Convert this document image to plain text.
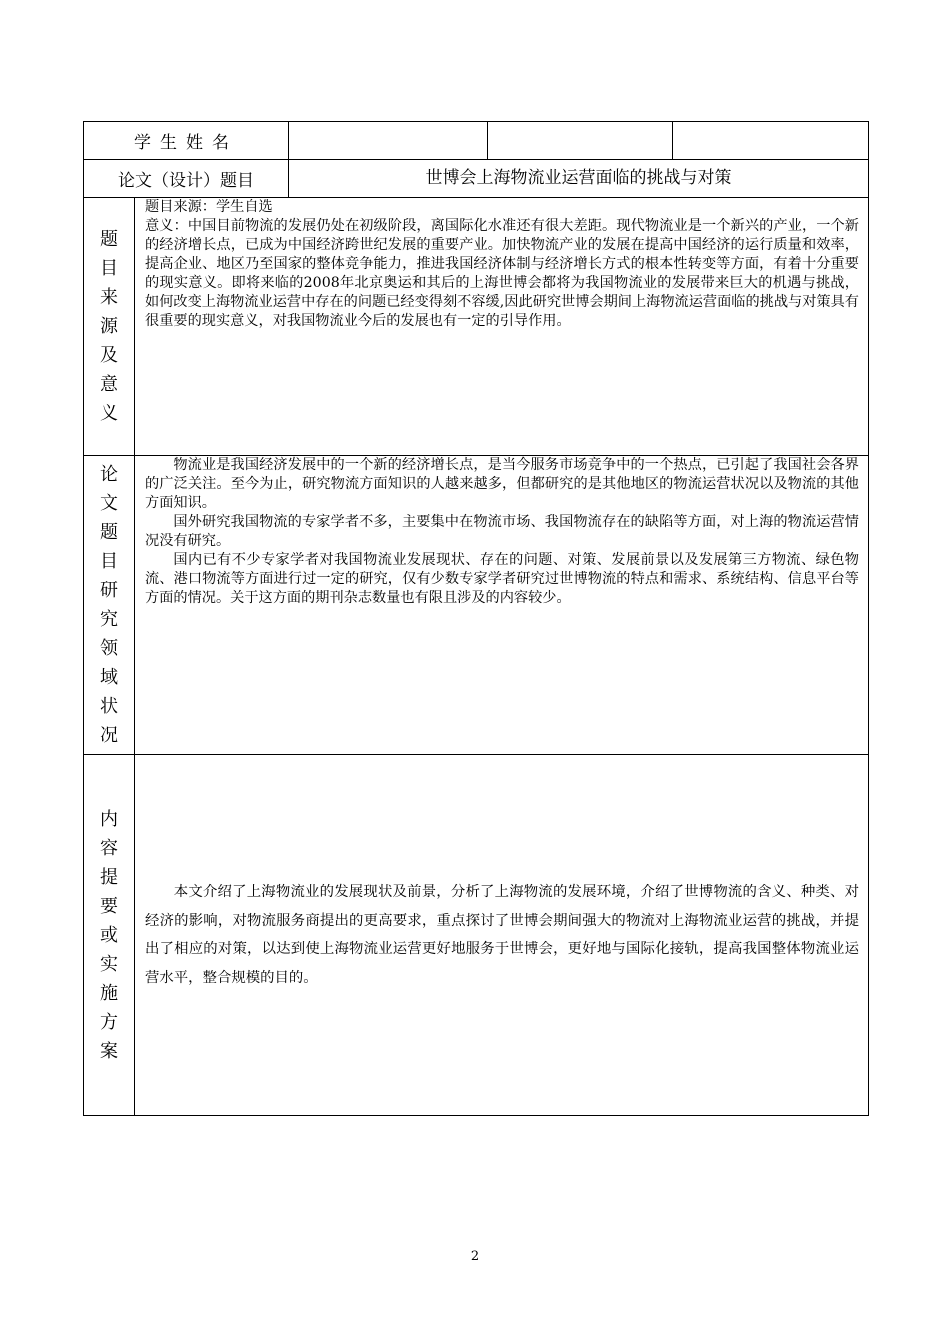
学生姓名				
论文（设计）题目		世博会上海物流业运营面临的挑战与对策		

题目来源及意义	题目来源：学生自选

意义：中国目前物流的发展仍处在初级阶段，离国际化水准还有很大差距。现代物流业是一个新兴的产业，一个新的经济增长点，已成为中国经济跨世纪发展的重要产业。加快物流产业的发展在提高中国经济的运行质量和效率，提高企业、地区乃至国家的整体竞争能力，推进我国经济体制与经济增长方式的根本性转变等方面，有着十分重要的现实意义。即将来临的2008年北京奥运和其后的上海世博会都将为我国物流业的发展带来巨大的机遇与挑战，如何改变上海物流业运营中存在的问题已经变得刻不容缓,因此研究世博会期间上海物流运营面临的挑战与对策具有很重要的现实意义，对我国物流业今后的发展也有一定的引导作用。			

论文题目研究领域状况	物流业是我国经济发展中的一个新的经济增长点，是当今服务市场竞争中的一个热点，已引起了我国社会各界的广泛关注。至今为止，研究物流方面知识的人越来越多，但都研究的是其他地区的物流运营状况以及物流的其他方面知识。

国外研究我国物流的专家学者不多，主要集中在物流市场、我国物流存在的缺陷等方面，对上海的物流运营情况没有研究。

国内已有不少专家学者对我国物流业发展现状、存在的问题、对策、发展前景以及发展第三方物流、绿色物流、港口物流等方面进行过一定的研究，仅有少数专家学者研究过世博物流的特点和需求、系统结构、信息平台等方面的情况。关于这方面的期刊杂志数量也有限且涉及的内容较少。			

内容提要或实施方案	本文介绍了上海物流业的发展现状及前景，分析了上海物流的发展环境，介绍了世博物流的含义、种类、对经济的影响，对物流服务商提出的更高要求，重点探讨了世博会期间强大的物流对上海物流业运营的挑战，并提出了相应的对策，以达到使上海物流业运营更好地服务于世博会，更好地与国际化接轨，提高我国整体物流业运营水平，整合规模的目的。			

2
